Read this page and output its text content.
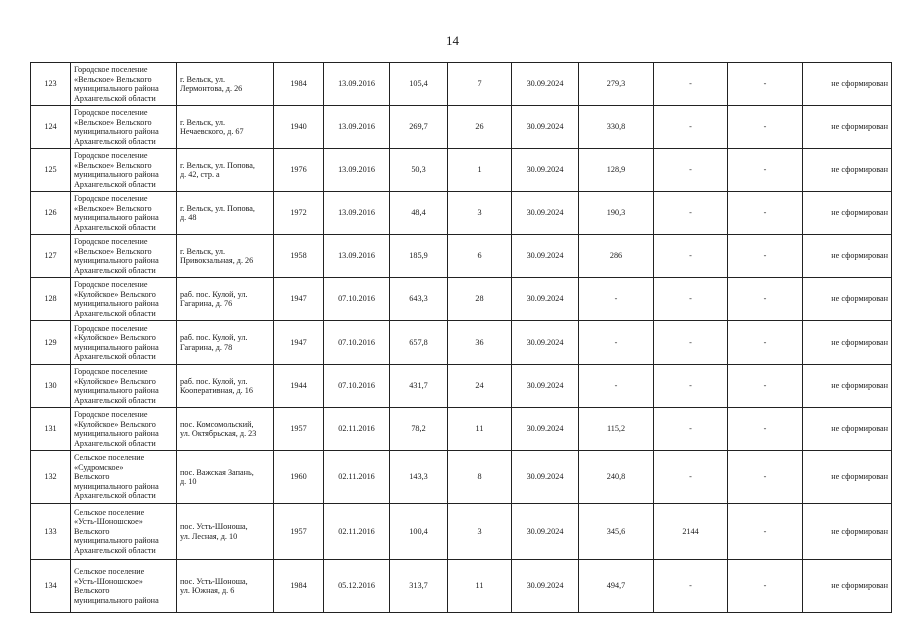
14
123	Городское поселение
«Вельское» Вельского
муниципального района
Архангельской области	г. Вельск, ул.
Лермонтова, д. 26	1984	13.09.2016	105,4	7	30.09.2024	279,3	-	-	не сформирован
124	Городское поселение
«Вельское» Вельского
муниципального района
Архангельской области	г. Вельск, ул.
Нечаевского, д. 67	1940	13.09.2016	269,7	26	30.09.2024	330,8	-	-	не сформирован
125	Городское поселение
«Вельское» Вельского
муниципального района
Архангельской области	г. Вельск, ул. Попова,
д. 42, стр. а	1976	13.09.2016	50,3	1	30.09.2024	128,9	-	-	не сформирован
126	Городское поселение
«Вельское» Вельского
муниципального района
Архангельской области	г. Вельск, ул. Попова,
д. 48	1972	13.09.2016	48,4	3	30.09.2024	190,3	-	-	не сформирован
127	Городское поселение
«Вельское» Вельского
муниципального района
Архангельской области	г. Вельск, ул.
Привокзальная, д. 26	1958	13.09.2016	185,9	6	30.09.2024	286	-	-	не сформирован
128	Городское поселение
«Кулойское» Вельского
муниципального района
Архангельской области	раб. пос. Кулой, ул.
Гагарина, д. 76	1947	07.10.2016	643,3	28	30.09.2024	-	-	-	не сформирован
129	Городское поселение
«Кулойское» Вельского
муниципального района
Архангельской области	раб. пос. Кулой, ул.
Гагарина, д. 78	1947	07.10.2016	657,8	36	30.09.2024	-	-	-	не сформирован
130	Городское поселение
«Кулойское» Вельского
муниципального района
Архангельской области	раб. пос. Кулой, ул.
Кооперативная, д. 16	1944	07.10.2016	431,7	24	30.09.2024	-	-	-	не сформирован
131	Городское поселение
«Кулойское» Вельского
муниципального района
Архангельской области	пос. Комсомольский,
ул. Октябрьская, д. 23	1957	02.11.2016	78,2	11	30.09.2024	115,2	-	-	не сформирован
132	Сельское поселение
«Судромское»
Вельского
муниципального района
Архангельской области	пос. Важская Запань,
д. 10	1960	02.11.2016	143,3	8	30.09.2024	240,8	-	-	не сформирован
133	Сельское поселение
«Усть-Шоношское»
Вельского
муниципального района
Архангельской области	пос. Усть-Шоноша,
ул. Лесная, д. 10	1957	02.11.2016	100,4	3	30.09.2024	345,6	2144	-	не сформирован
134	Сельское поселение
«Усть-Шоношское»
Вельского
муниципального района	пос. Усть-Шоноша,
ул. Южная, д. 6	1984	05.12.2016	313,7	11	30.09.2024	494,7	-	-	не сформирован
